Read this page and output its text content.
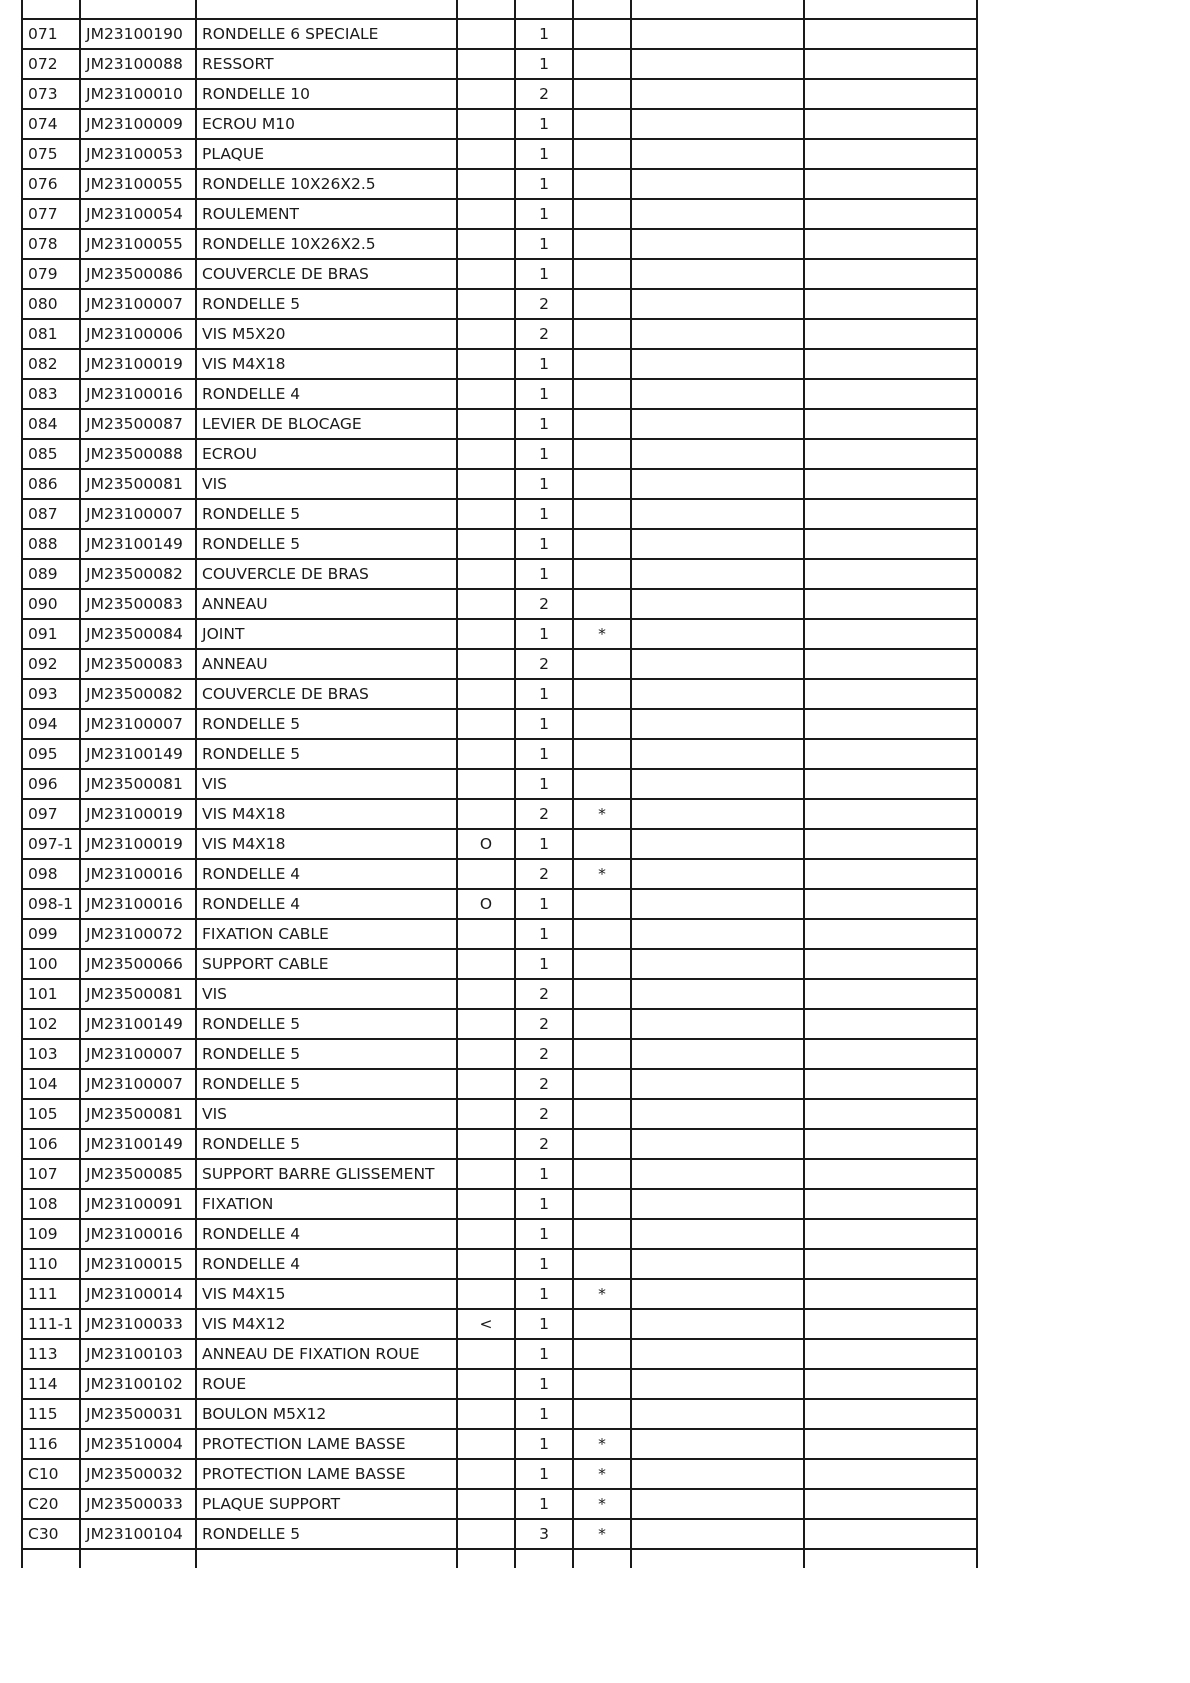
071	JM23100190	RONDELLE 6 SPECIALE		1			
072	JM23100088	RESSORT		1			
073	JM23100010	RONDELLE 10		2			
074	JM23100009	ECROU M10		1			
075	JM23100053	PLAQUE		1			
076	JM23100055	RONDELLE 10X26X2.5		1			
077	JM23100054	ROULEMENT		1			
078	JM23100055	RONDELLE 10X26X2.5		1			
079	JM23500086	COUVERCLE DE BRAS		1			
080	JM23100007	RONDELLE 5		2			
081	JM23100006	VIS M5X20		2			
082	JM23100019	VIS M4X18		1			
083	JM23100016	RONDELLE 4		1			
084	JM23500087	LEVIER DE BLOCAGE		1			
085	JM23500088	ECROU		1			
086	JM23500081	VIS		1			
087	JM23100007	RONDELLE 5		1			
088	JM23100149	RONDELLE 5		1			
089	JM23500082	COUVERCLE DE BRAS		1			
090	JM23500083	ANNEAU		2			
091	JM23500084	JOINT		1	*		
092	JM23500083	ANNEAU		2			
093	JM23500082	COUVERCLE DE BRAS		1			
094	JM23100007	RONDELLE 5		1			
095	JM23100149	RONDELLE 5		1			
096	JM23500081	VIS		1			
097	JM23100019	VIS M4X18		2	*		
097-1	JM23100019	VIS M4X18	O	1			
098	JM23100016	RONDELLE 4		2	*		
098-1	JM23100016	RONDELLE 4	O	1			
099	JM23100072	FIXATION CABLE		1			
100	JM23500066	SUPPORT CABLE		1			
101	JM23500081	VIS		2			
102	JM23100149	RONDELLE 5		2			
103	JM23100007	RONDELLE 5		2			
104	JM23100007	RONDELLE 5		2			
105	JM23500081	VIS		2			
106	JM23100149	RONDELLE 5		2			
107	JM23500085	SUPPORT BARRE GLISSEMENT		1			
108	JM23100091	FIXATION		1			
109	JM23100016	RONDELLE 4		1			
110	JM23100015	RONDELLE 4		1			
111	JM23100014	VIS M4X15		1	*		
111-1	JM23100033	VIS M4X12	<	1			
113	JM23100103	ANNEAU DE FIXATION ROUE		1			
114	JM23100102	ROUE		1			
115	JM23500031	BOULON M5X12		1			
116	JM23510004	PROTECTION LAME BASSE		1	*		
C10	JM23500032	PROTECTION LAME BASSE		1	*		
C20	JM23500033	PLAQUE SUPPORT		1	*		
C30	JM23100104	RONDELLE 5		3	*		
